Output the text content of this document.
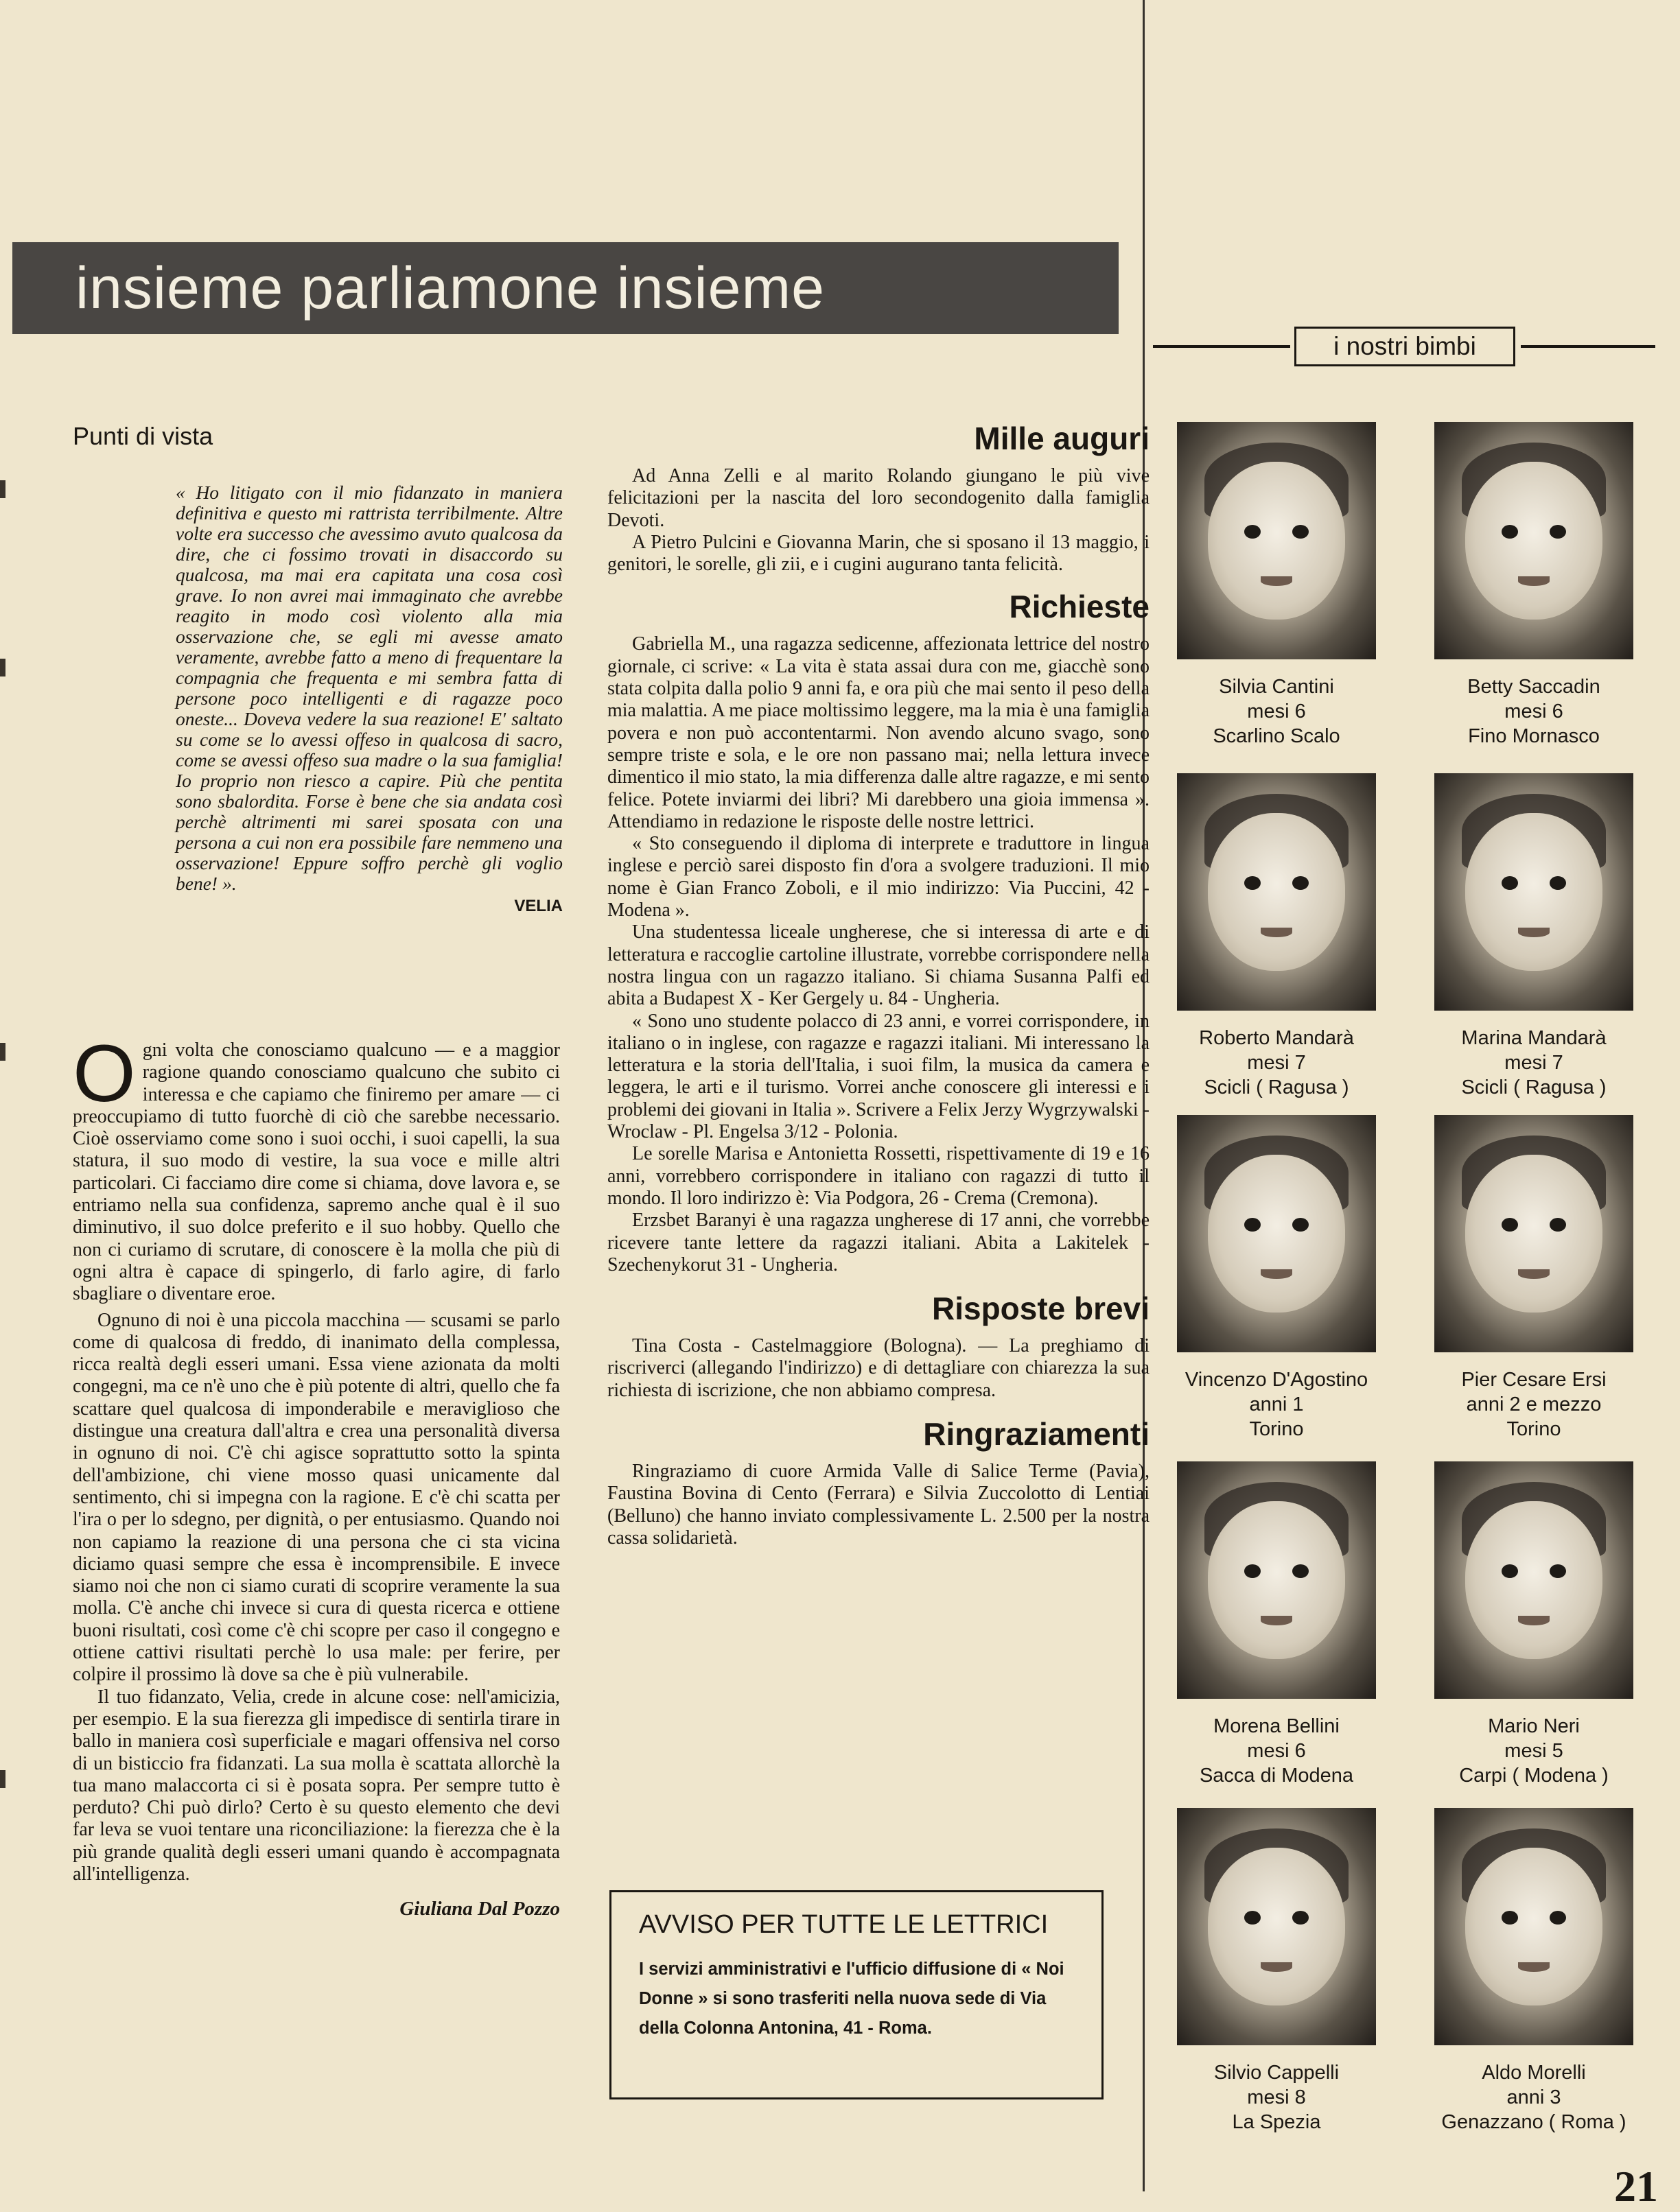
insieme parliamone insieme
Punti di vista

« Ho litigato con il mio fidanzato in maniera definitiva e questo mi rattrista terribilmente. Altre volte era successo che avessimo avuto qualcosa da dire, che ci fossimo trovati in disaccordo su qualcosa, ma mai era capitata una cosa così grave. Io non avrei mai immaginato che avrebbe reagito in modo così violento alla mia osservazione che, se egli mi avesse amato veramente, avrebbe fatto a meno di frequentare la compagnia che frequenta e mi sembra fatta di persone poco intelligenti e di ragazze poco oneste... Doveva vedere la sua reazione! E' saltato su come se lo avessi offeso in qualcosa di sacro, come se avessi offeso sua madre o la sua famiglia! Io proprio non riesco a capire. Più che pentita sono sbalordita. Forse è bene che sia andata così perchè altrimenti mi sarei sposata con una persona a cui non era possibile fare nemmeno una osservazione! Eppure soffro perchè gli voglio bene! ».

VELIA

Ogni volta che conosciamo qualcuno — e a maggior ragione quando conosciamo qualcuno che subito ci interessa e che capiamo che finiremo per amare — ci preoccupiamo di tutto fuorchè di ciò che sarebbe necessario. Cioè osserviamo come sono i suoi occhi, i suoi capelli, la sua statura, il suo modo di vestire, la sua voce e mille altri particolari. Ci facciamo dire come si chiama, dove lavora e, se entriamo nella sua confidenza, sapremo anche qual è il suo diminutivo, il suo dolce preferito e il suo hobby. Quello che non ci curiamo di scrutare, di conoscere è la molla che più di ogni altra è capace di spingerlo, di farlo agire, di farlo sbagliare o diventare eroe.

Ognuno di noi è una piccola macchina — scusami se parlo come di qualcosa di freddo, di inanimato della complessa, ricca realtà degli esseri umani. Essa viene azionata da molti congegni, ma ce n'è uno che è più potente di altri, quello che fa scattare quel qualcosa di imponderabile e meraviglioso che distingue una creatura dall'altra e crea una personalità diversa in ognuno di noi. C'è chi agisce soprattutto sotto la spinta dell'ambizione, chi viene mosso quasi unicamente dal sentimento, chi si impegna con la ragione. E c'è chi scatta per l'ira o per lo sdegno, per dignità, o per entusiasmo. Quando noi non capiamo la reazione di una persona che ci sta vicina diciamo quasi sempre che essa è incomprensibile. E invece siamo noi che non ci siamo curati di scoprire veramente la sua molla. C'è anche chi invece si cura di questa ricerca e ottiene buoni risultati, così come c'è chi scopre per caso il congegno e ottiene cattivi risultati perchè lo usa male: per ferire, per colpire il prossimo là dove sa che è più vulnerabile.

Il tuo fidanzato, Velia, crede in alcune cose: nell'amicizia, per esempio. E la sua fierezza gli impedisce di sentirla tirare in ballo in maniera così superficiale e magari offensiva nel corso di un bisticcio fra fidanzati. La sua molla è scattata allorchè la tua mano malaccorta ci si è posata sopra. Per sempre tutto è perduto? Chi può dirlo? Certo è su questo elemento che devi far leva se vuoi tentare una riconciliazione: la fierezza che è la più grande qualità degli esseri umani quando è accompagnata all'intelligenza.

Giuliana Dal Pozzo

Mille auguri

Ad Anna Zelli e al marito Rolando giungano le più vive felicitazioni per la nascita del loro secondogenito dalla famiglia Devoti.

A Pietro Pulcini e Giovanna Marin, che si sposano il 13 maggio, i genitori, le sorelle, gli zii, e i cugini augurano tanta felicità.

Richieste

Gabriella M., una ragazza sedicenne, affezionata lettrice del nostro giornale, ci scrive: « La vita è stata assai dura con me, giacchè sono stata colpita dalla polio 9 anni fa, e ora più che mai sento il peso della mia malattia. A me piace moltissimo leggere, ma la mia è una famiglia povera e non può accontentarmi. Non avendo alcuno svago, sono sempre triste e sola, e le ore non passano mai; nella lettura invece dimentico il mio stato, la mia differenza dalle altre ragazze, e mi sento felice. Potete inviarmi dei libri? Mi darebbero una gioia immensa ». Attendiamo in redazione le risposte delle nostre lettrici.

« Sto conseguendo il diploma di interprete e traduttore in lingua inglese e perciò sarei disposto fin d'ora a svolgere traduzioni. Il mio nome è Gian Franco Zoboli, e il mio indirizzo: Via Puccini, 42 - Modena ».

Una studentessa liceale ungherese, che si interessa di arte e di letteratura e raccoglie cartoline illustrate, vorrebbe corrispondere nella nostra lingua con un ragazzo italiano. Si chiama Susanna Palfi ed abita a Budapest X - Ker Gergely u. 84 - Ungheria.

« Sono uno studente polacco di 23 anni, e vorrei corrispondere, in italiano o in inglese, con ragazze e ragazzi italiani. Mi interessano la letteratura e la storia dell'Italia, i suoi film, la musica da camera e leggera, le arti e il turismo. Vorrei anche conoscere gli interessi e i problemi dei giovani in Italia ». Scrivere a Felix Jerzy Wygrzywalski - Wroclaw - Pl. Engelsa 3/12 - Polonia.

Le sorelle Marisa e Antonietta Rossetti, rispettivamente di 19 e 16 anni, vorrebbero corrispondere in italiano con ragazzi di tutto il mondo. Il loro indirizzo è: Via Podgora, 26 - Crema (Cremona).

Erzsbet Baranyi è una ragazza ungherese di 17 anni, che vorrebbe ricevere tante lettere da ragazzi italiani. Abita a Lakitelek - Szechenykorut 31 - Ungheria.

Risposte brevi

Tina Costa - Castelmaggiore (Bologna). — La preghiamo di riscriverci (allegando l'indirizzo) e di dettagliare con chiarezza la sua richiesta di iscrizione, che non abbiamo compresa.

Ringraziamenti

Ringraziamo di cuore Armida Valle di Salice Terme (Pavia), Faustina Bovina di Cento (Ferrara) e Silvia Zuccolotto di Lentiai (Belluno) che hanno inviato complessivamente L. 2.500 per la nostra cassa solidarietà.

AVVISO PER TUTTE LE LETTRICI
I servizi amministrativi e l'ufficio diffusione di « Noi Donne » si sono trasferiti nella nuova sede di Via della Colonna Antonina, 41 - Roma.
i nostri bimbi
Silvia Cantini
mesi 6
Scarlino Scalo
Betty Saccadin
mesi 6
Fino Mornasco
Roberto Mandarà
mesi 7
Scicli ( Ragusa )
Marina Mandarà
mesi 7
Scicli ( Ragusa )
Vincenzo D'Agostino
anni 1
Torino
Pier Cesare Ersi
anni 2 e mezzo
Torino
Morena Bellini
mesi 6
Sacca di Modena
Mario Neri
mesi 5
Carpi ( Modena )
Silvio Cappelli
mesi 8
La Spezia
Aldo Morelli
anni 3
Genazzano ( Roma )
21
